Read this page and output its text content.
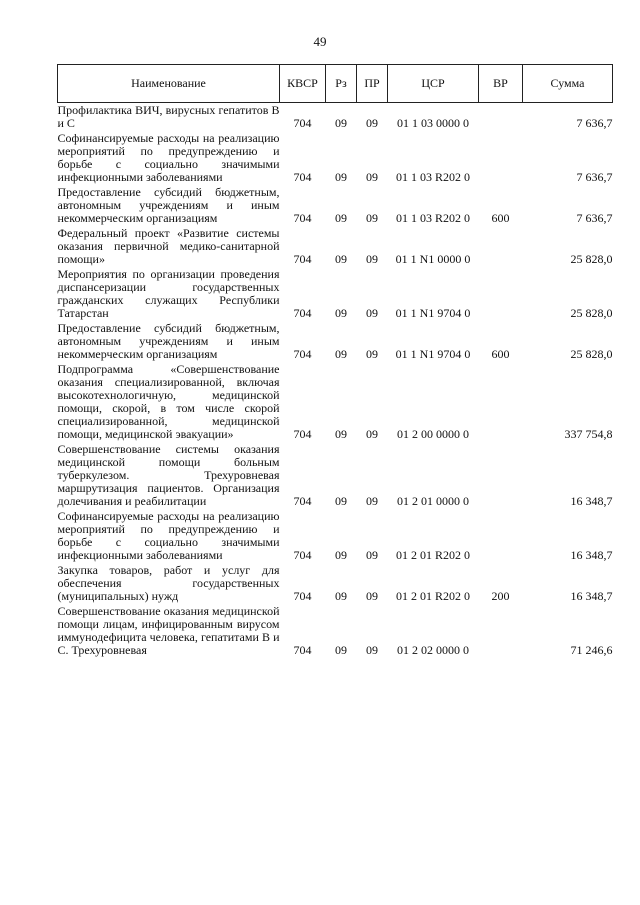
49
Наименование	КВСР	Рз	ПР	ЦСР	ВР	Сумма
Профилактика ВИЧ, вирусных гепатитов В и С	704	09	09	01 1 03 0000 0		7 636,7
Софинансируемые расходы на реализацию мероприятий по предупреждению и борьбе с социально значимыми инфекционными заболеваниями	704	09	09	01 1 03 R202 0		7 636,7
Предоставление субсидий бюджетным, автономным учреждениям и иным некоммерческим организациям	704	09	09	01 1 03 R202 0	600	7 636,7
Федеральный проект «Развитие системы оказания первичной медико-санитарной помощи»	704	09	09	01 1 N1 0000 0		25 828,0
Мероприятия по организации проведения диспансеризации государственных гражданских служащих Республики Татарстан	704	09	09	01 1 N1 9704 0		25 828,0
Предоставление субсидий бюджетным, автономным учреждениям и иным некоммерческим организациям	704	09	09	01 1 N1 9704 0	600	25 828,0
Подпрограмма «Совершенствование оказания специализированной, включая высокотехнологичную, медицинской помощи, скорой, в том числе скорой специализированной, медицинской помощи, медицинской эвакуации»	704	09	09	01 2 00 0000 0		337 754,8
Совершенствование системы оказания медицинской помощи больным туберкулезом. Трехуровневая маршрутизация пациентов. Организация долечивания и реабилитации	704	09	09	01 2 01 0000 0		16 348,7
Софинансируемые расходы на реализацию мероприятий по предупреждению и борьбе с социально значимыми инфекционными заболеваниями	704	09	09	01 2 01 R202 0		16 348,7
Закупка товаров, работ и услуг для обеспечения государственных (муниципальных) нужд	704	09	09	01 2 01 R202 0	200	16 348,7
Совершенствование оказания медицинской помощи лицам, инфицированным вирусом иммунодефицита человека, гепатитами В и С. Трехуровневая	704	09	09	01 2 02 0000 0		71 246,6
